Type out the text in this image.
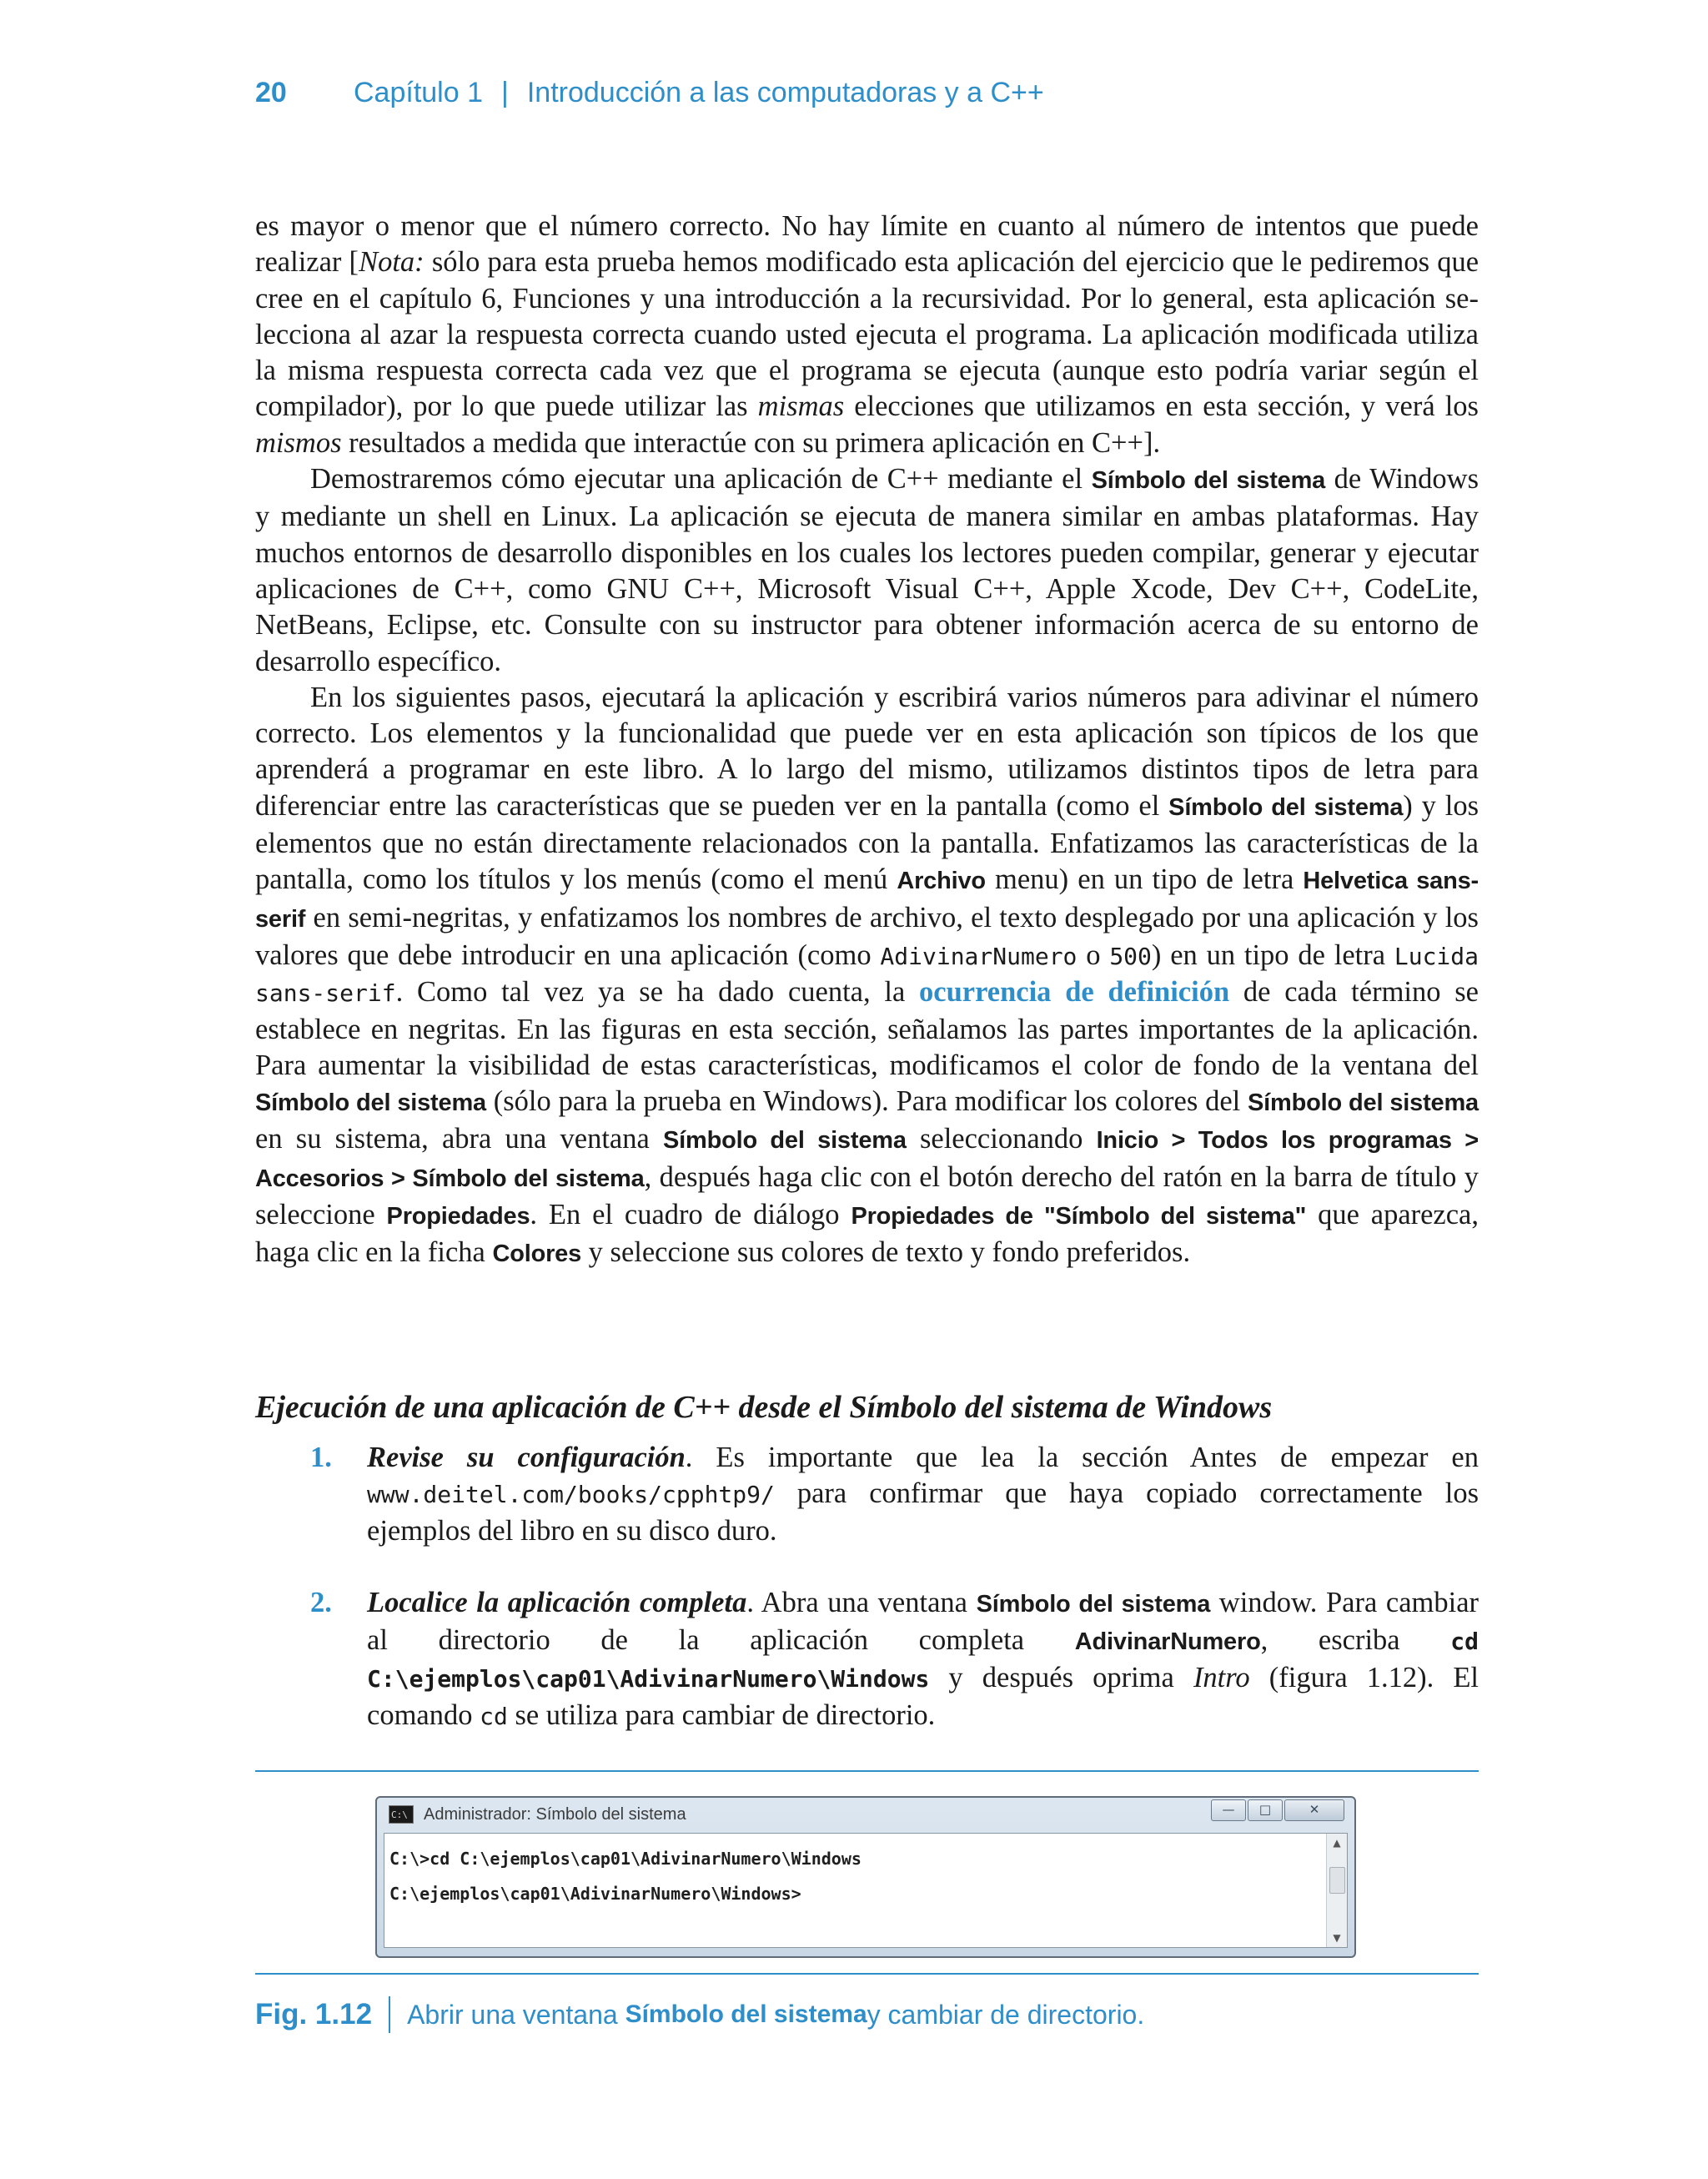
20	Capítulo 1 | Introducción a las computadoras y a C++

es mayor o menor que el número correcto. No hay límite en cuanto al número de intentos que puede realizar [Nota: sólo para esta prueba hemos modificado esta aplicación del ejercicio que le pediremos que cree en el capítulo 6, Funciones y una introducción a la recursividad. Por lo general, esta aplicación selecciona al azar la respuesta correcta cuando usted ejecuta el programa. La aplicación modificada utiliza la misma respuesta correcta cada vez que el programa se ejecuta (aunque esto podría variar según el compilador), por lo que puede utilizar las mismas elecciones que utilizamos en esta sección, y verá los mismos resultados a medida que interactúe con su primera aplicación en C++].

Demostraremos cómo ejecutar una aplicación de C++ mediante el Símbolo del sistema de Windows y mediante un shell en Linux. La aplicación se ejecuta de manera similar en ambas plataformas. Hay muchos entornos de desarrollo disponibles en los cuales los lectores pueden compilar, generar y ejecutar aplicaciones de C++, como GNU C++, Microsoft Visual C++, Apple Xcode, Dev C++, CodeLite, NetBeans, Eclipse, etc. Consulte con su instructor para obtener información acerca de su entorno de desarrollo específico.

En los siguientes pasos, ejecutará la aplicación y escribirá varios números para adivinar el número correcto. Los elementos y la funcionalidad que puede ver en esta aplicación son típicos de los que aprenderá a programar en este libro. A lo largo del mismo, utilizamos distintos tipos de letra para diferenciar entre las características que se pueden ver en la pantalla (como el Símbolo del sistema) y los elementos que no están directamente relacionados con la pantalla. Enfatizamos las características de la pantalla, como los títulos y los menús (como el menú Archivo menu) en un tipo de letra Helvetica sans-serif en semi-negritas, y enfatizamos los nombres de archivo, el texto desplegado por una aplicación y los valores que debe introducir en una aplicación (como AdivinarNumero o 500) en un tipo de letra Lucida sans-serif. Como tal vez ya se ha dado cuenta, la ocurrencia de definición de cada término se establece en negritas. En las figuras en esta sección, señalamos las partes importantes de la aplicación. Para aumentar la visibilidad de estas características, modificamos el color de fondo de la ventana del Símbolo del sistema (sólo para la prueba en Windows). Para modificar los colores del Símbolo del sistema en su sistema, abra una ventana Símbolo del sistema seleccionando Inicio > Todos los programas > Accesorios > Símbolo del sistema, después haga clic con el botón derecho del ratón en la barra de título y seleccione Propiedades. En el cuadro de diálogo Propiedades de "Símbolo del sistema" que aparezca, haga clic en la ficha Colores y seleccione sus colores de texto y fondo preferidos.

Ejecución de una aplicación de C++ desde el Símbolo del sistema de Windows
1. Revise su configuración. Es importante que lea la sección Antes de empezar en www.deitel.com/books/cpphtp9/ para confirmar que haya copiado correctamente los ejemplos del libro en su disco duro.
2. Localice la aplicación completa. Abra una ventana Símbolo del sistema window. Para cambiar al directorio de la aplicación completa AdivinarNumero, escriba cd C:\ejemplos\cap01\AdivinarNumero\Windows y después oprima Intro (figura 1.12). El comando cd se utiliza para cambiar de directorio.
C:\ Administrador: Símbolo del sistema	—	□	✕
C:\>cd C:\ejemplos\cap01\AdivinarNumero\Windows
C:\ejemplos\cap01\AdivinarNumero\Windows>
▲
▼
Fig. 1.12 Abrir una ventana
Símbolo del sistema y cambiar de directorio.
